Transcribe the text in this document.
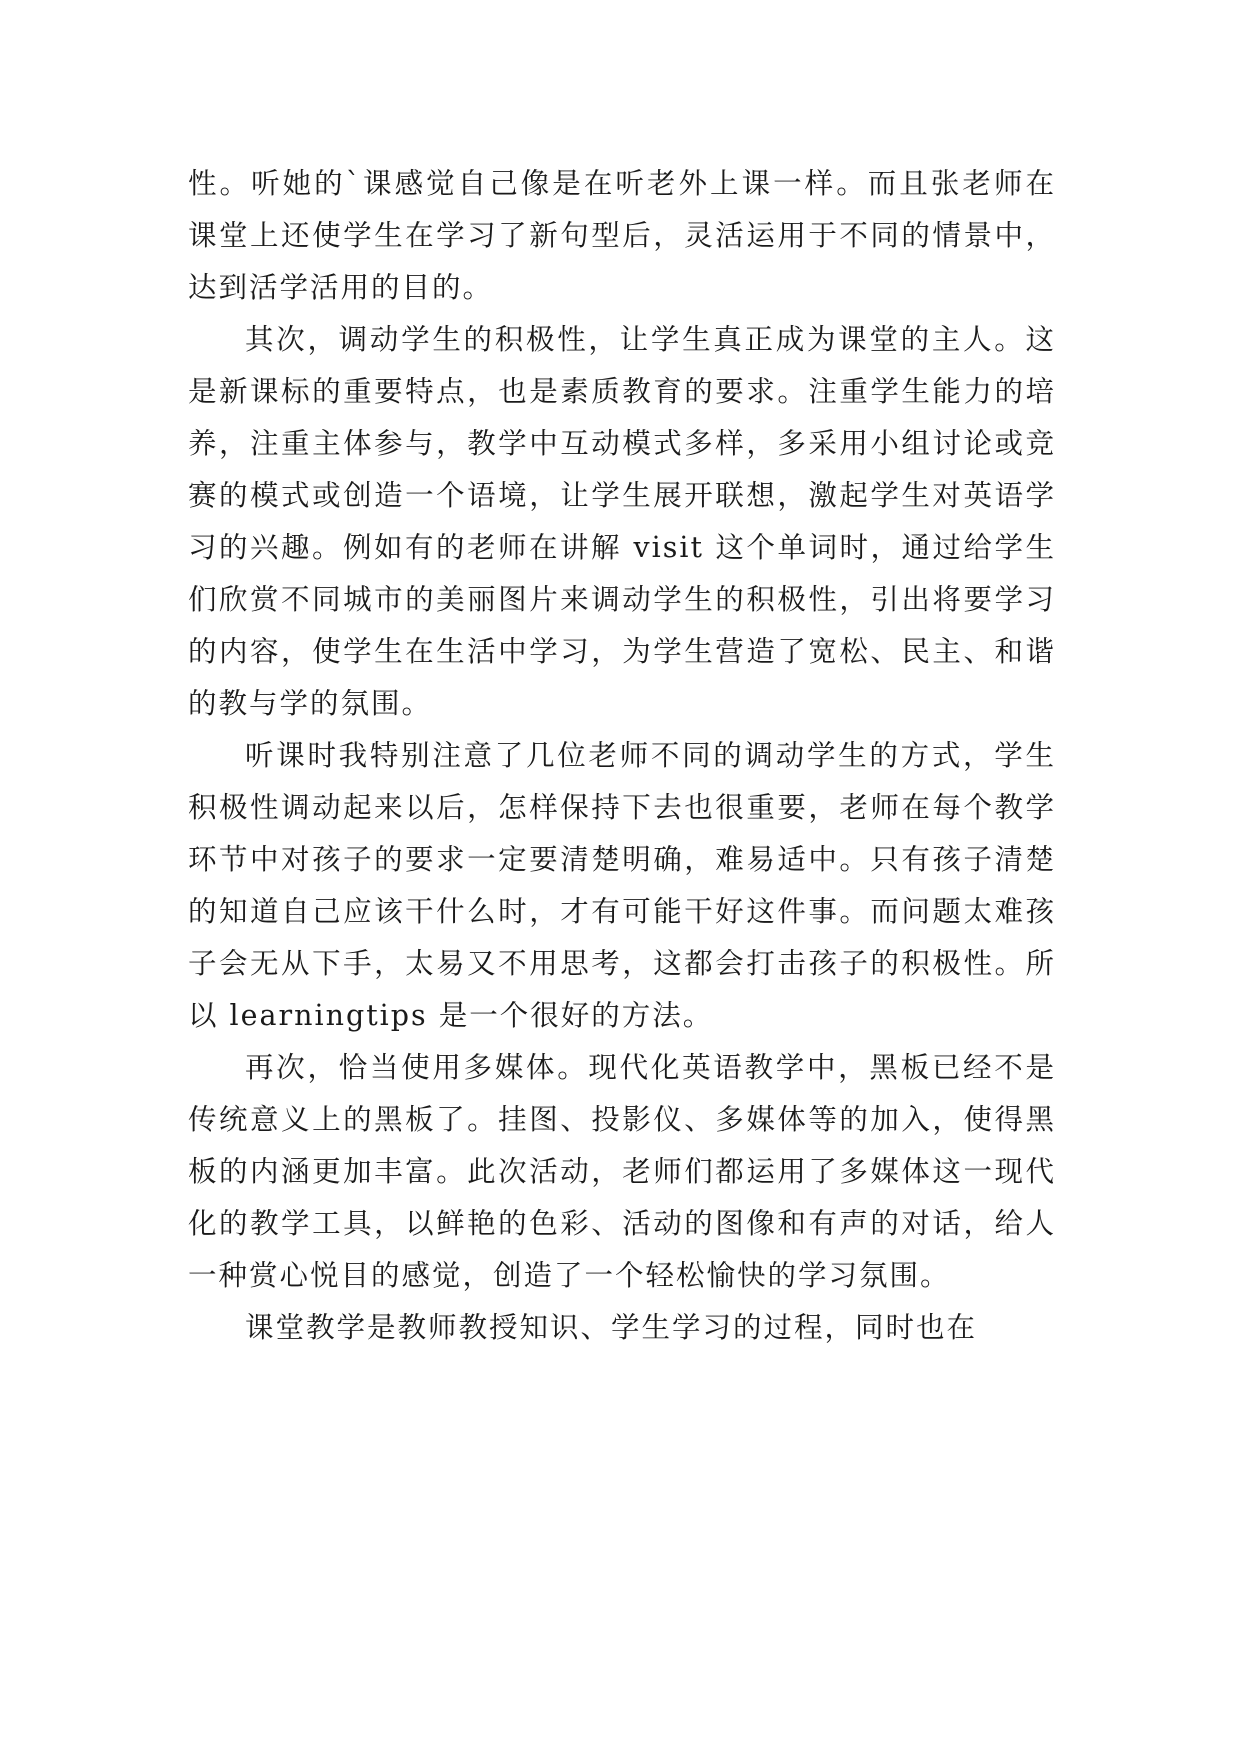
性。听她的`课感觉自己像是在听老外上课一样。而且张老师在课堂上还使学生在学习了新句型后，灵活运用于不同的情景中，达到活学活用的目的。

其次，调动学生的积极性，让学生真正成为课堂的主人。这是新课标的重要特点，也是素质教育的要求。注重学生能力的培养，注重主体参与，教学中互动模式多样，多采用小组讨论或竞赛的模式或创造一个语境，让学生展开联想，激起学生对英语学习的兴趣。例如有的老师在讲解 visit 这个单词时，通过给学生们欣赏不同城市的美丽图片来调动学生的积极性，引出将要学习的内容，使学生在生活中学习，为学生营造了宽松、民主、和谐的教与学的氛围。

听课时我特别注意了几位老师不同的调动学生的方式，学生积极性调动起来以后，怎样保持下去也很重要，老师在每个教学环节中对孩子的要求一定要清楚明确，难易适中。只有孩子清楚的知道自己应该干什么时，才有可能干好这件事。而问题太难孩子会无从下手，太易又不用思考，这都会打击孩子的积极性。所以 learningtips 是一个很好的方法。

再次，恰当使用多媒体。现代化英语教学中，黑板已经不是传统意义上的黑板了。挂图、投影仪、多媒体等的加入，使得黑板的内涵更加丰富。此次活动，老师们都运用了多媒体这一现代化的教学工具，以鲜艳的色彩、活动的图像和有声的对话，给人一种赏心悦目的感觉，创造了一个轻松愉快的学习氛围。

课堂教学是教师教授知识、学生学习的过程，同时也在
